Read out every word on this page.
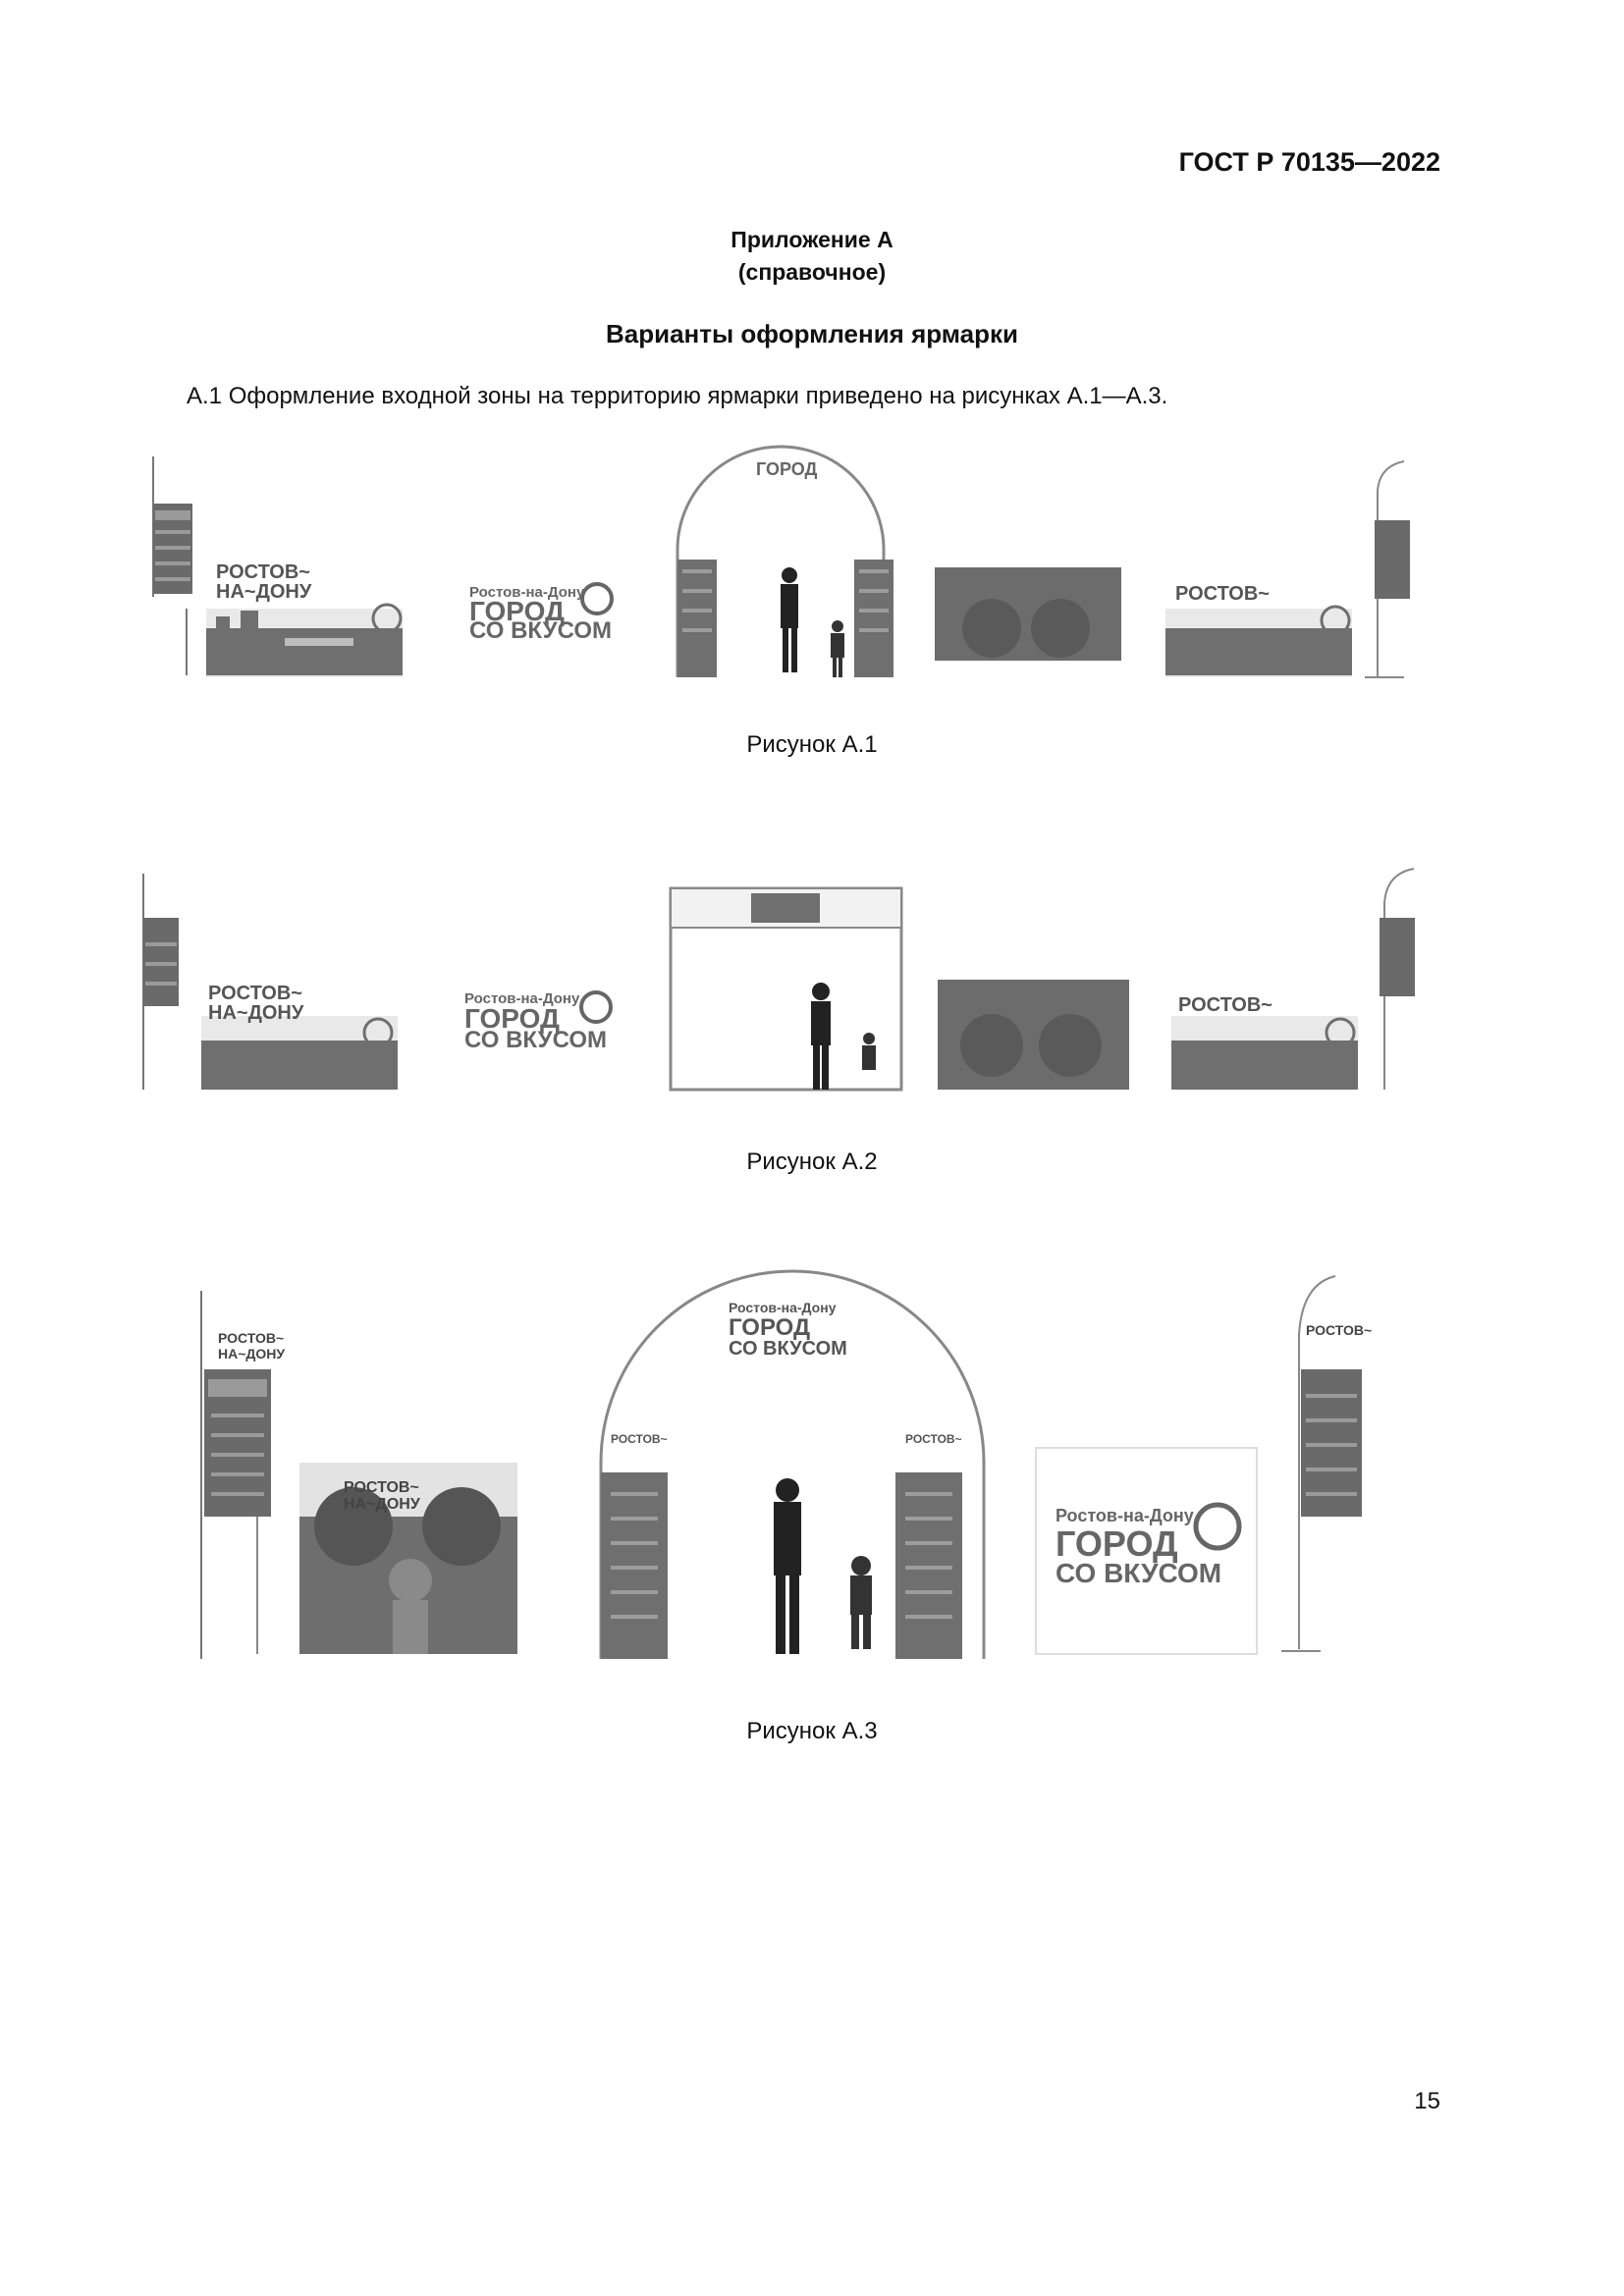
ГОСТ Р 70135—2022
Приложение А
(справочное)
Варианты оформления ярмарки
А.1 Оформление входной зоны на территорию ярмарки приведено на рисунках А.1—А.3.
РОСТОВ~
НА~ДОНУ	Ростов-на-Дону
ГОРОД
СО ВКУСОМ
ГОРОД
РОСТОВ~
Рисунок А.1
РОСТОВ~
НА~ДОНУ
Ростов-на-Дону
ГОРОД
СО ВКУСОМ
РОСТОВ~
Рисунок А.2
РОСТОВ~
НА~ДОНУ
РОСТОВ~
НА~ДОНУ
Ростов-на-Дону
ГОРОД
СО ВКУСОМ
РОСТОВ~	РОСТОВ~
Ростов-на-Дону
ГОРОД
СО ВКУСОМ
РОСТОВ~
Рисунок А.3
15
